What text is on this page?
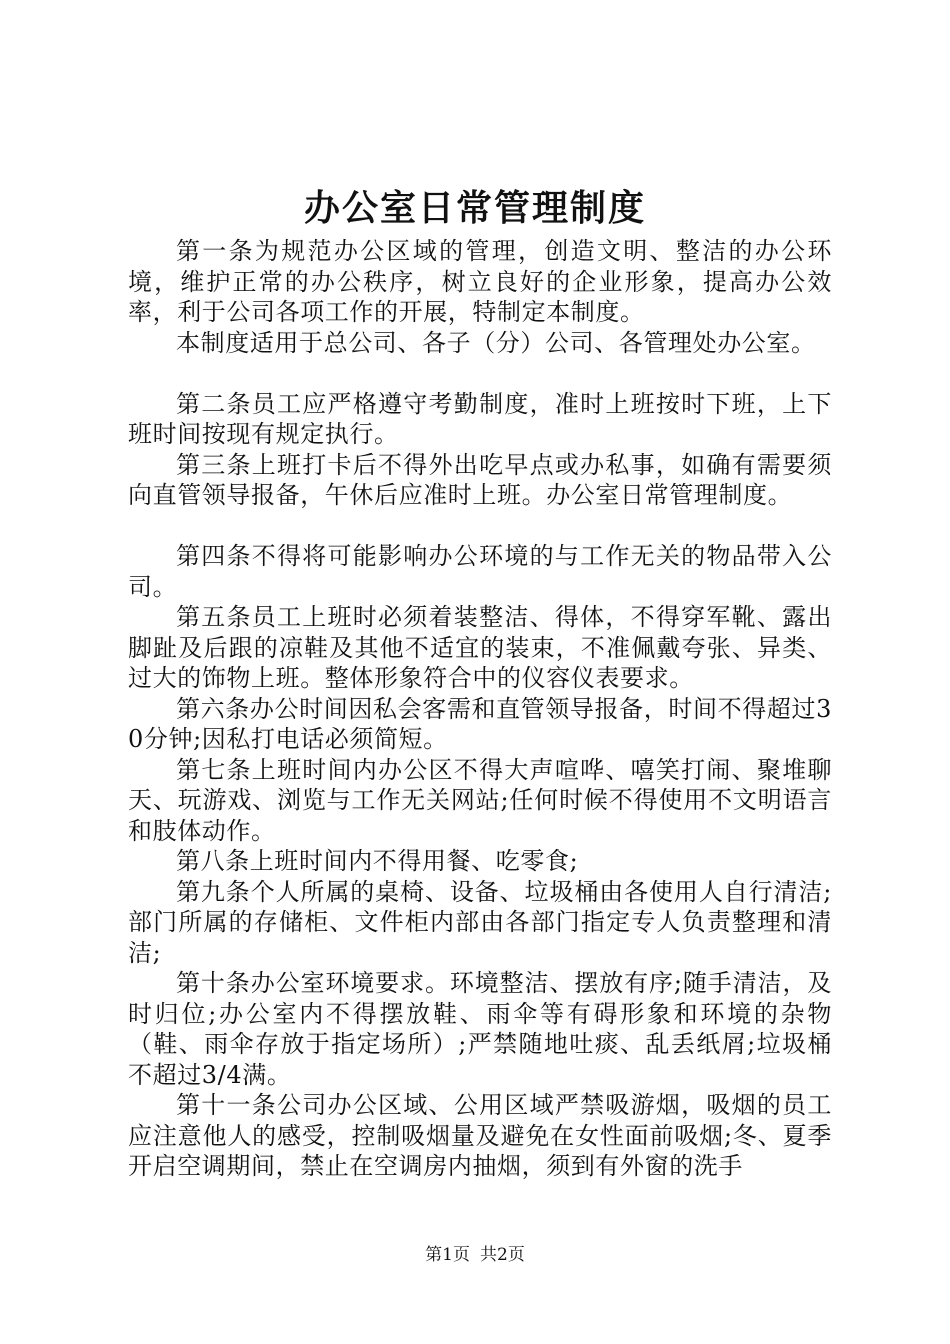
办公室日常管理制度

第一条为规范办公区域的管理，创造文明、整洁的办公环境，维护正常的办公秩序，树立良好的企业形象，提高办公效率，利于公司各项工作的开展，特制定本制度。

本制度适用于总公司、各子（分）公司、各管理处办公室。

第二条员工应严格遵守考勤制度，准时上班按时下班，上下班时间按现有规定执行。

第三条上班打卡后不得外出吃早点或办私事，如确有需要须向直管领导报备，午休后应准时上班。办公室日常管理制度。

第四条不得将可能影响办公环境的与工作无关的物品带入公司。

第五条员工上班时必须着装整洁、得体，不得穿军靴、露出脚趾及后跟的凉鞋及其他不适宜的装束，不准佩戴夸张、异类、过大的饰物上班。整体形象符合中的仪容仪表要求。

第六条办公时间因私会客需和直管领导报备，时间不得超过30分钟;因私打电话必须简短。

第七条上班时间内办公区不得大声喧哗、嘻笑打闹、聚堆聊天、玩游戏、浏览与工作无关网站;任何时候不得使用不文明语言和肢体动作。

第八条上班时间内不得用餐、吃零食;

第九条个人所属的桌椅、设备、垃圾桶由各使用人自行清洁;部门所属的存储柜、文件柜内部由各部门指定专人负责整理和清洁;

第十条办公室环境要求。环境整洁、摆放有序;随手清洁，及时归位;办公室内不得摆放鞋、雨伞等有碍形象和环境的杂物（鞋、雨伞存放于指定场所）;严禁随地吐痰、乱丢纸屑;垃圾桶不超过3/4满。

第十一条公司办公区域、公用区域严禁吸游烟，吸烟的员工应注意他人的感受，控制吸烟量及避免在女性面前吸烟;冬、夏季开启空调期间，禁止在空调房内抽烟，须到有外窗的洗手

第1页 共2页
